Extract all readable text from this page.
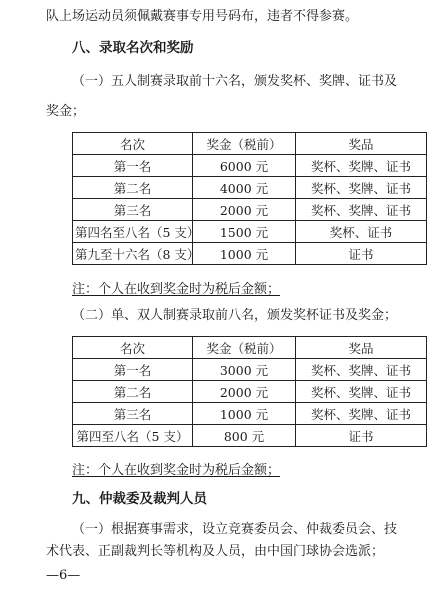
队上场运动员须佩戴赛事专用号码布，违者不得参赛。
八、录取名次和奖励
（一）五人制赛录取前十六名，颁发奖杯、奖牌、证书及
奖金；
名次	奖金（税前）	奖品
第一名	6000 元	奖杯、奖牌、证书
第二名	4000 元	奖杯、奖牌、证书
第三名	2000 元	奖杯、奖牌、证书
第四名至八名（5 支）	1500 元	奖杯、证书
第九至十六名（8 支）	1000 元	证书
注：个人在收到奖金时为税后金额；
（二）单、双人制赛录取前八名，颁发奖杯证书及奖金；
名次	奖金（税前）	奖品
第一名	3000 元	奖杯、奖牌、证书
第二名	2000 元	奖杯、奖牌、证书
第三名	1000 元	奖杯、奖牌、证书
第四至八名（5 支）	800 元	证书
注：个人在收到奖金时为税后金额；
九、仲裁委及裁判人员
（一）根据赛事需求，设立竞赛委员会、仲裁委员会、技
术代表、正副裁判长等机构及人员，由中国门球协会选派；
—6—
